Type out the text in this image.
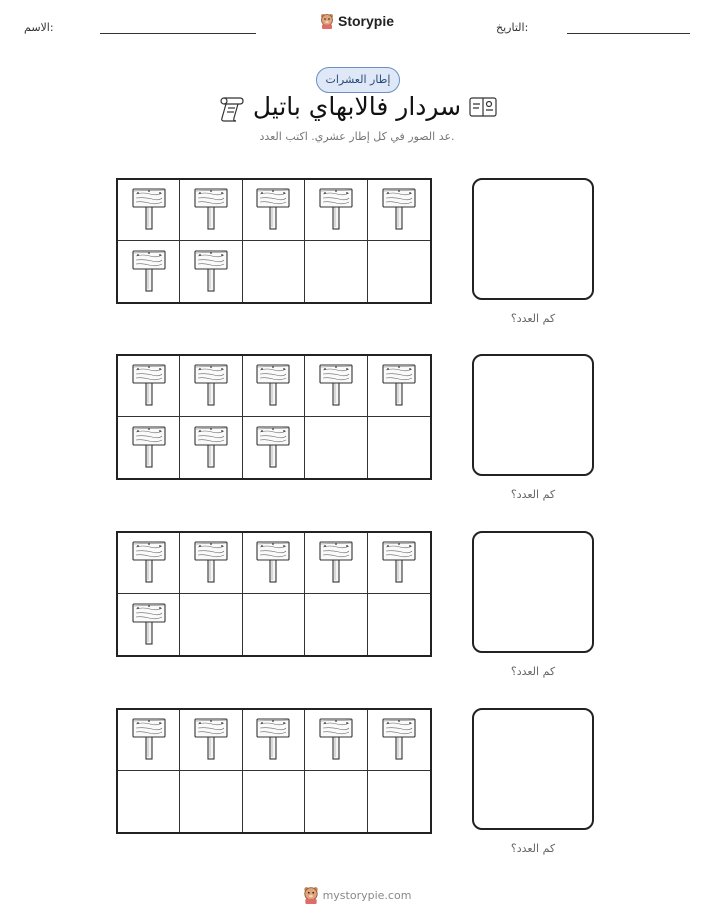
الاسم:	Storypie	التاريخ:
إطار العشرات
سردار فالابهاي باتيل
عد الصور في كل إطار عشري. اكتب العدد.
كم العدد؟
كم العدد؟
كم العدد؟
كم العدد؟
mystorypie.com
